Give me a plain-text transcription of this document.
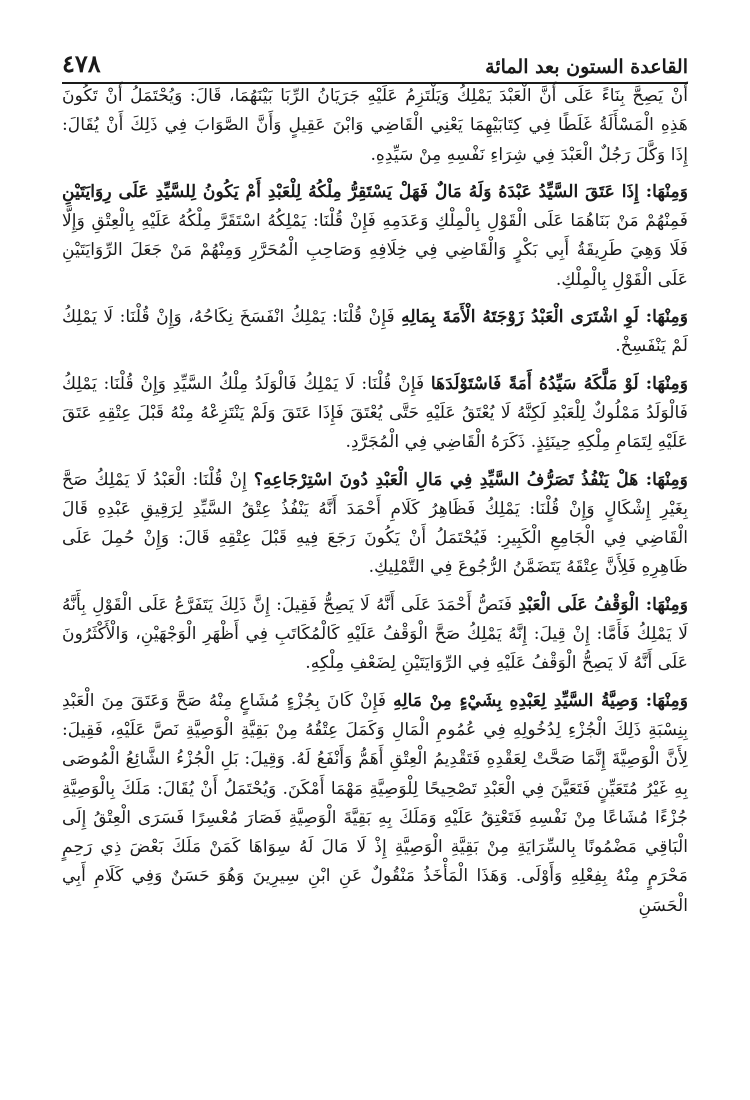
القاعدة الستون بعد المائة
٤٧٨

أَنْ يَصِحَّ بِنَاءً عَلَى أَنَّ الْعَبْدَ يَمْلِكُ وَيَلْتَزِمُ عَلَيْهِ جَرَيَانُ الرِّبَا بَيْنَهُمَا، قَالَ: وَيُحْتَمَلُ أَنْ تَكُونَ هَذِهِ الْمَسْأَلَةُ غَلَطًا فِي كِتَابَيْهِمَا يَعْنِي الْقَاضِي وَابْنَ عَقِيلٍ وَأَنَّ الصَّوَابَ فِي ذَلِكَ أَنْ يُقَالَ: إِذَا وَكَّلَ رَجُلٌ الْعَبْدَ فِي شِرَاءِ نَفْسِهِ مِنْ سَيِّدِهِ.

وَمِنْهَا: إِذَا عَتَقَ السَّيِّدُ عَبْدَهُ وَلَهُ مَالٌ فَهَلْ يَسْتَقِرُّ مِلْكُهُ لِلْعَبْدِ أَمْ يَكُونُ لِلسَّيِّدِ عَلَى رِوَايَتَيْنِ فَمِنْهُمْ مَنْ بَنَاهُمَا عَلَى الْقَوْلِ بِالْمِلْكِ وَعَدَمِهِ فَإِنْ قُلْنَا: يَمْلِكُهُ اسْتَقَرَّ مِلْكُهُ عَلَيْهِ بِالْعِتْقِ وَإِلَّا فَلَا وَهِيَ طَرِيقَةُ أَبِي بَكْرٍ وَالْقَاضِي فِي خِلَافِهِ وَصَاحِبِ الْمُحَرَّرِ وَمِنْهُمْ مَنْ جَعَلَ الرِّوَايَتَيْنِ عَلَى الْقَوْلِ بِالْمِلْكِ.

وَمِنْهَا: لَوِ اشْتَرَى الْعَبْدُ زَوْجَتَهُ الْأَمَةَ بِمَالِهِ فَإِنْ قُلْنَا: يَمْلِكُ انْفَسَخَ نِكَاحُهُ، وَإِنْ قُلْنَا: لَا يَمْلِكُ لَمْ يَنْفَسِخْ.

وَمِنْهَا: لَوْ مَلَّكَهُ سَيِّدُهُ أَمَةً فَاسْتَوْلَدَهَا فَإِنْ قُلْنَا: لَا يَمْلِكُ فَالْوَلَدُ مِلْكُ السَّيِّدِ وَإِنْ قُلْنَا: يَمْلِكُ فَالْوَلَدُ مَمْلُوكٌ لِلْعَبْدِ لَكِنَّهُ لَا يُعْتَقُ عَلَيْهِ حَتَّى يُعْتَقَ فَإِذَا عَتَقَ وَلَمْ يَنْتَزِعْهُ مِنْهُ قَبْلَ عِتْقِهِ عَتَقَ عَلَيْهِ لِتَمَامِ مِلْكِهِ حِينَئِذٍ. ذَكَرَهُ الْقَاضِي فِي الْمُجَرَّدِ.

وَمِنْهَا: هَلْ يَنْفُذُ تَصَرُّفُ السَّيِّدِ فِي مَالِ الْعَبْدِ دُونَ اسْتِرْجَاعِهِ؟ إِنْ قُلْنَا: الْعَبْدُ لَا يَمْلِكُ صَحَّ بِغَيْرِ إِشْكَالٍ وَإِنْ قُلْنَا: يَمْلِكُ فَظَاهِرُ كَلَامِ أَحْمَدَ أَنَّهُ يَنْفُذُ عِتْقُ السَّيِّدِ لِرَقِيقِ عَبْدِهِ قَالَ الْقَاضِي فِي الْجَامِعِ الْكَبِيرِ: فَيُحْتَمَلُ أَنْ يَكُونَ رَجَعَ فِيهِ قَبْلَ عِتْقِهِ قَالَ: وَإِنْ حُمِلَ عَلَى ظَاهِرِهِ فَلِأَنَّ عِتْقَهُ يَتَضَمَّنُ الرُّجُوعَ فِي التَّمْلِيكِ.

وَمِنْهَا: الْوَقْفُ عَلَى الْعَبْدِ فَنَصُّ أَحْمَدَ عَلَى أَنَّهُ لَا يَصِحُّ فَقِيلَ: إِنَّ ذَلِكَ يَتَفَرَّعُ عَلَى الْقَوْلِ بِأَنَّهُ لَا يَمْلِكُ فَأَمَّا: إِنْ قِيلَ: إِنَّهُ يَمْلِكُ صَحَّ الْوَقْفُ عَلَيْهِ كَالْمُكَاتَبِ فِي أَظْهَرِ الْوَجْهَيْنِ، وَالْأَكْثَرُونَ عَلَى أَنَّهُ لَا يَصِحُّ الْوَقْفُ عَلَيْهِ فِي الرِّوَايَتَيْنِ لِضَعْفِ مِلْكِهِ.

وَمِنْهَا: وَصِيَّةُ السَّيِّدِ لِعَبْدِهِ بِشَيْءٍ مِنْ مَالِهِ فَإِنْ كَانَ بِجُزْءٍ مُشَاعٍ مِنْهُ صَحَّ وَعَتَقَ مِنَ الْعَبْدِ بِنِسْبَةِ ذَلِكَ الْجُزْءِ لِدُخُولِهِ فِي عُمُومِ الْمَالِ وَكَمَلَ عِتْقُهُ مِنْ بَقِيَّةِ الْوَصِيَّةِ نَصَّ عَلَيْهِ، فَقِيلَ: لِأَنَّ الْوَصِيَّةَ إِنَّمَا صَحَّتْ لِعَقْدِهِ فَتَقْدِيمُ الْعِتْقِ أَهَمُّ وَأَنْفَعُ لَهُ. وَقِيلَ: بَلِ الْجُزْءُ الشَّائِعُ الْمُوصَى بِهِ غَيْرُ مُتَعَيِّنٍ فَتَعَيَّنَ فِي الْعَبْدِ تَصْحِيحًا لِلْوَصِيَّةِ مَهْمَا أَمْكَنَ. وَيُحْتَمَلُ أَنْ يُقَالَ: مَلَكَ بِالْوَصِيَّةِ جُزْءًا مُشَاعًا مِنْ نَفْسِهِ فَتَعْتِقُ عَلَيْهِ وَمَلَكَ بِهِ بَقِيَّةَ الْوَصِيَّةِ فَصَارَ مُعْسِرًا فَسَرَى الْعِتْقُ إِلَى الْبَاقِي مَضْمُونًا بِالسِّرَايَةِ مِنْ بَقِيَّةِ الْوَصِيَّةِ إِذْ لَا مَالَ لَهُ سِوَاهَا كَمَنْ مَلَكَ بَعْضَ ذِي رَحِمٍ مَحْرَمٍ مِنْهُ بِفِعْلِهِ وَأَوْلَى. وَهَذَا الْمَأْخَذُ مَنْقُولٌ عَنِ ابْنِ سِيرِينَ وَهُوَ حَسَنٌ وَفِي كَلَامِ أَبِي الْحَسَنِ
